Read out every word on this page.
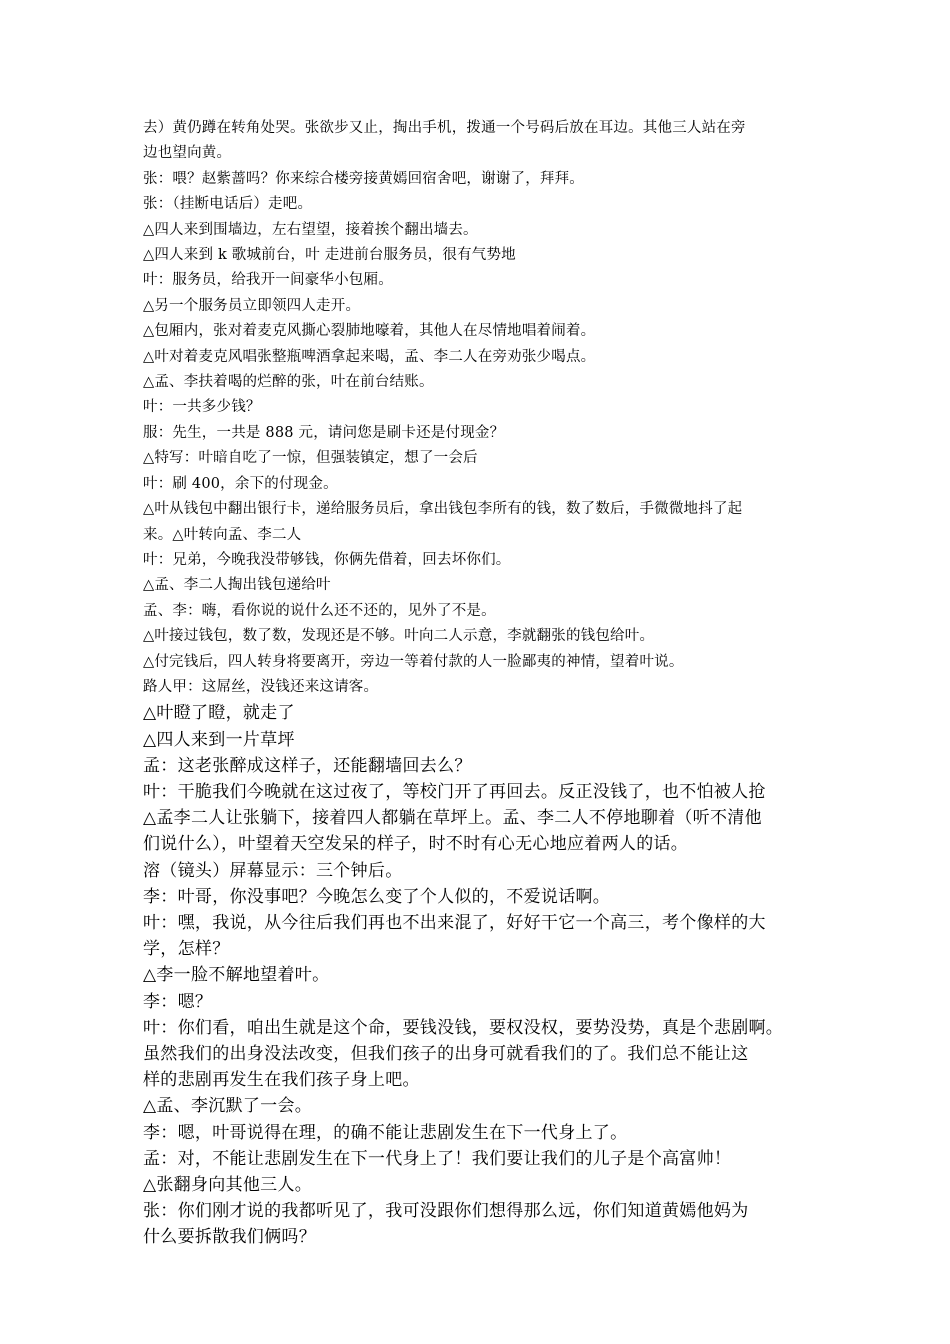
去）黄仍蹲在转角处哭。张欲步又止，掏出手机，拨通一个号码后放在耳边。其他三人站在旁

边也望向黄。

张：喂？赵紫蔷吗？你来综合楼旁接黄嫣回宿舍吧，谢谢了，拜拜。

张：（挂断电话后）走吧。

△四人来到围墙边，左右望望，接着挨个翻出墙去。

△四人来到 k 歌城前台，叶 走进前台服务员，很有气势地

叶：服务员，给我开一间豪华小包厢。

△另一个服务员立即领四人走开。

△包厢内，张对着麦克风撕心裂肺地嚎着，其他人在尽情地唱着闹着。

△叶对着麦克风唱张整瓶啤酒拿起来喝，孟、李二人在旁劝张少喝点。

△孟、李扶着喝的烂醉的张，叶在前台结账。

叶：一共多少钱？

服：先生，一共是 888 元，请问您是刷卡还是付现金？

△特写：叶暗自吃了一惊，但强装镇定，想了一会后

叶：刷 400，余下的付现金。

△叶从钱包中翻出银行卡，递给服务员后，拿出钱包李所有的钱，数了数后，手微微地抖了起

来。△叶转向孟、李二人

叶：兄弟，今晚我没带够钱，你俩先借着，回去坏你们。

△孟、李二人掏出钱包递给叶

孟、李：嗨，看你说的说什么还不还的，见外了不是。

△叶接过钱包，数了数，发现还是不够。叶向二人示意，李就翻张的钱包给叶。

△付完钱后，四人转身将要离开，旁边一等着付款的人一脸鄙夷的神情，望着叶说。

路人甲：这屌丝，没钱还来这请客。

△叶瞪了瞪，就走了

△四人来到一片草坪

孟：这老张醉成这样子，还能翻墙回去么？

叶：干脆我们今晚就在这过夜了，等校门开了再回去。反正没钱了，也不怕被人抢

△孟李二人让张躺下，接着四人都躺在草坪上。孟、李二人不停地聊着（听不清他

们说什么），叶望着天空发呆的样子，时不时有心无心地应着两人的话。

溶（镜头）屏幕显示：三个钟后。

李：叶哥，你没事吧？今晚怎么变了个人似的，不爱说话啊。

叶：嘿，我说，从今往后我们再也不出来混了，好好干它一个高三，考个像样的大

学，怎样？

△李一脸不解地望着叶。

李：嗯？

叶：你们看，咱出生就是这个命，要钱没钱，要权没权，要势没势，真是个悲剧啊。

虽然我们的出身没法改变，但我们孩子的出身可就看我们的了。我们总不能让这

样的悲剧再发生在我们孩子身上吧。

△孟、李沉默了一会。

李：嗯，叶哥说得在理，的确不能让悲剧发生在下一代身上了。

孟：对，不能让悲剧发生在下一代身上了！我们要让我们的儿子是个高富帅！

△张翻身向其他三人。

张：你们刚才说的我都听见了，我可没跟你们想得那么远，你们知道黄嫣他妈为

什么要拆散我们俩吗？
